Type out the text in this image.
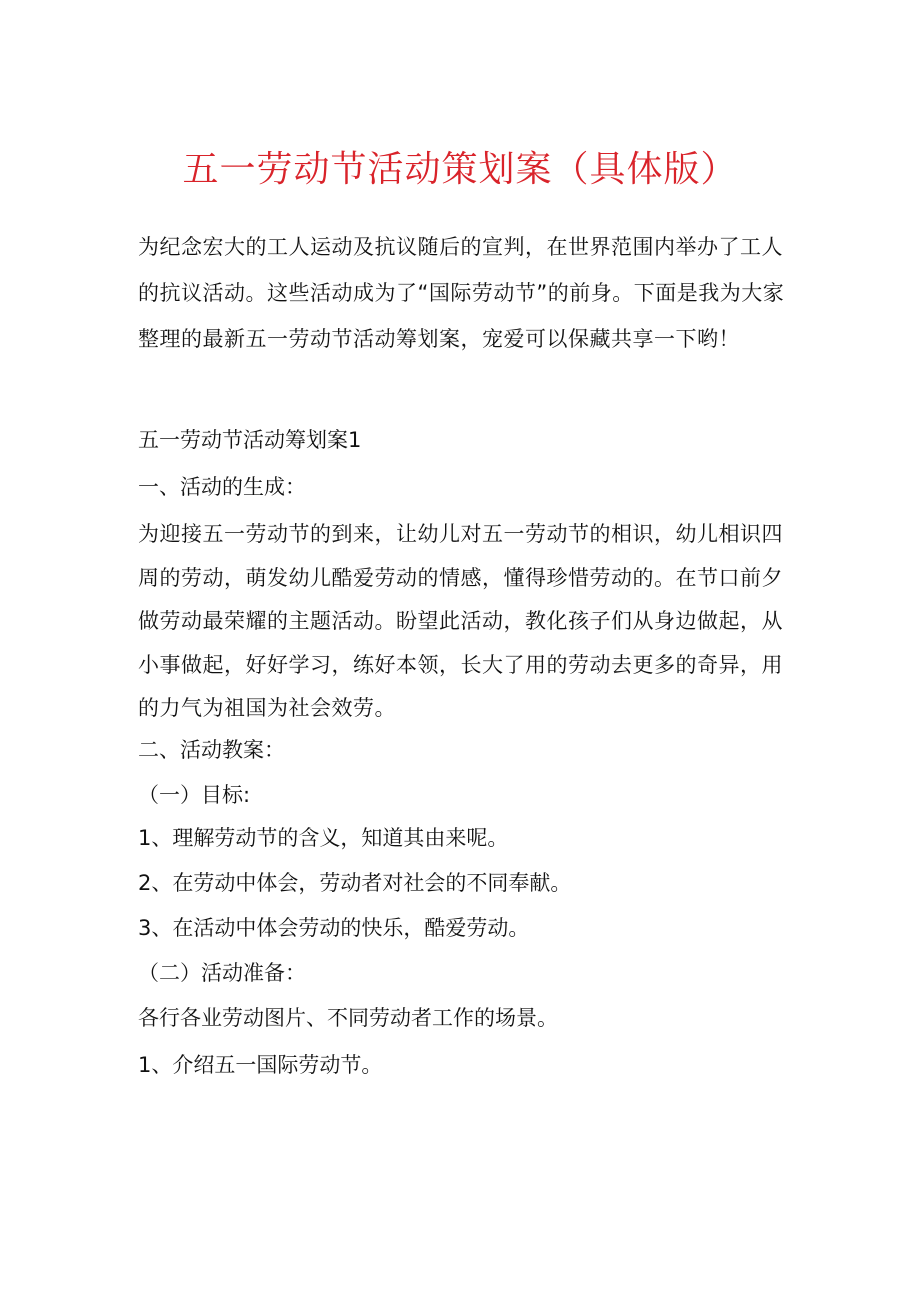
五一劳动节活动策划案（具体版）
为纪念宏大的工人运动及抗议随后的宣判，在世界范围内举办了工人的抗议活动。这些活动成为了“国际劳动节”的前身。下面是我为大家整理的最新五一劳动节活动筹划案，宠爱可以保藏共享一下哟！
五一劳动节活动筹划案1
一、活动的生成：
为迎接五一劳动节的到来，让幼儿对五一劳动节的相识，幼儿相识四周的劳动，萌发幼儿酷爱劳动的情感，懂得珍惜劳动的。在节口前夕做劳动最荣耀的主题活动。盼望此活动，教化孩子们从身边做起，从小事做起，好好学习，练好本领，长大了用的劳动去更多的奇异，用的力气为祖国为社会效劳。
二、活动教案：
（一）目标:
1、理解劳动节的含义，知道其由来呢。
2、在劳动中体会，劳动者对社会的不同奉献。
3、在活动中体会劳动的快乐，酷爱劳动。
（二）活动准备：
各行各业劳动图片、不同劳动者工作的场景。
1、介绍五一国际劳动节。
